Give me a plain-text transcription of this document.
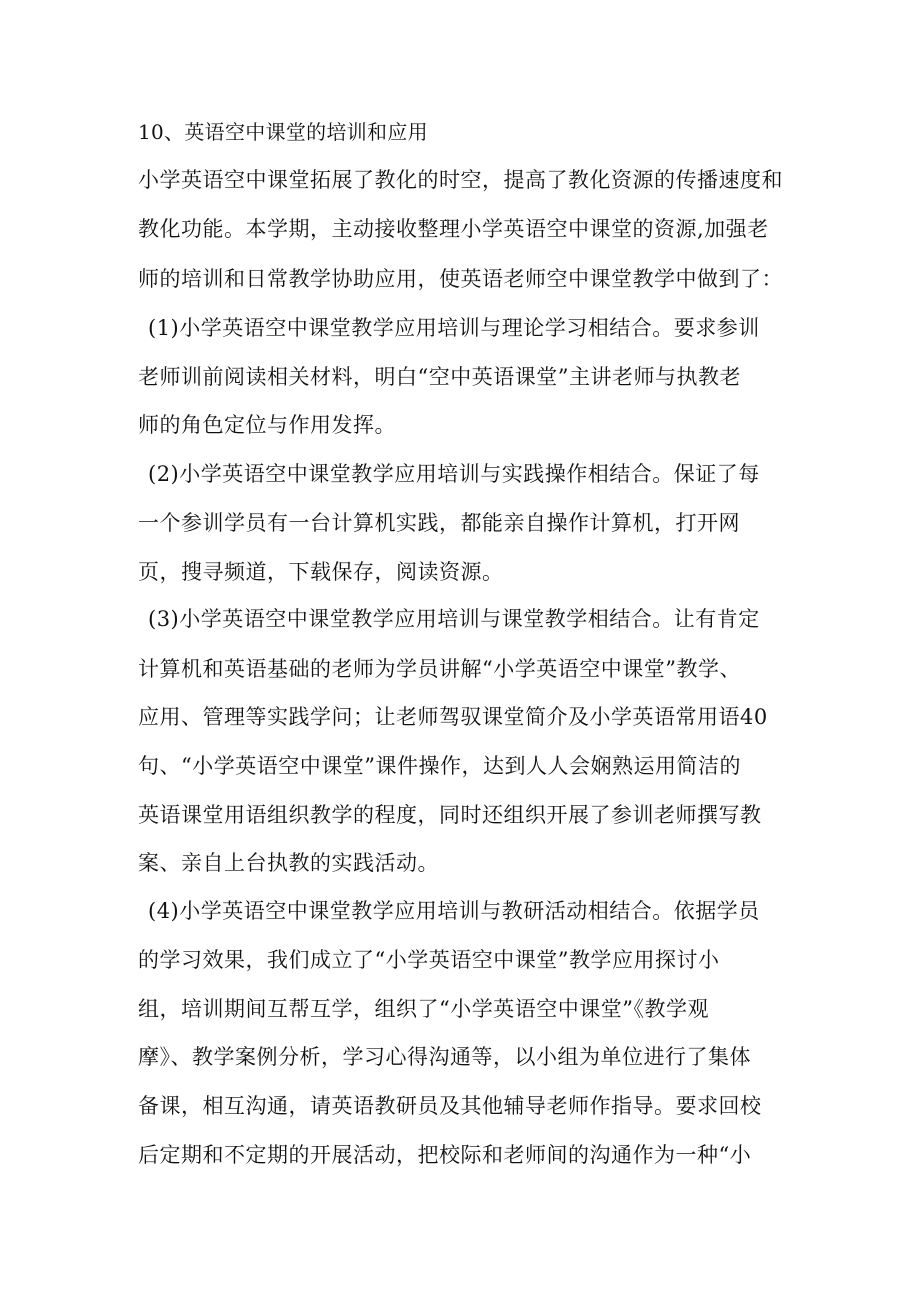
10、英语空中课堂的培训和应用

小学英语空中课堂拓展了教化的时空，提高了教化资源的传播速度和

教化功能。本学期，主动接收整理小学英语空中课堂的资源,加强老

师的培训和日常教学协助应用，使英语老师空中课堂教学中做到了：

(1)小学英语空中课堂教学应用培训与理论学习相结合。要求参训

老师训前阅读相关材料，明白“空中英语课堂”主讲老师与执教老

师的角色定位与作用发挥。

(2)小学英语空中课堂教学应用培训与实践操作相结合。保证了每

一个参训学员有一台计算机实践，都能亲自操作计算机，打开网

页，搜寻频道，下载保存，阅读资源。

(3)小学英语空中课堂教学应用培训与课堂教学相结合。让有肯定

计算机和英语基础的老师为学员讲解“小学英语空中课堂”教学、

应用、管理等实践学问；让老师驾驭课堂简介及小学英语常用语40

句、“小学英语空中课堂”课件操作，达到人人会娴熟运用简洁的

英语课堂用语组织教学的程度，同时还组织开展了参训老师撰写教

案、亲自上台执教的实践活动。

(4)小学英语空中课堂教学应用培训与教研活动相结合。依据学员

的学习效果，我们成立了“小学英语空中课堂”教学应用探讨小

组，培训期间互帮互学，组织了“小学英语空中课堂”《教学观

摩》、教学案例分析，学习心得沟通等，以小组为单位进行了集体

备课，相互沟通，请英语教研员及其他辅导老师作指导。要求回校

后定期和不定期的开展活动，把校际和老师间的沟通作为一种“小
